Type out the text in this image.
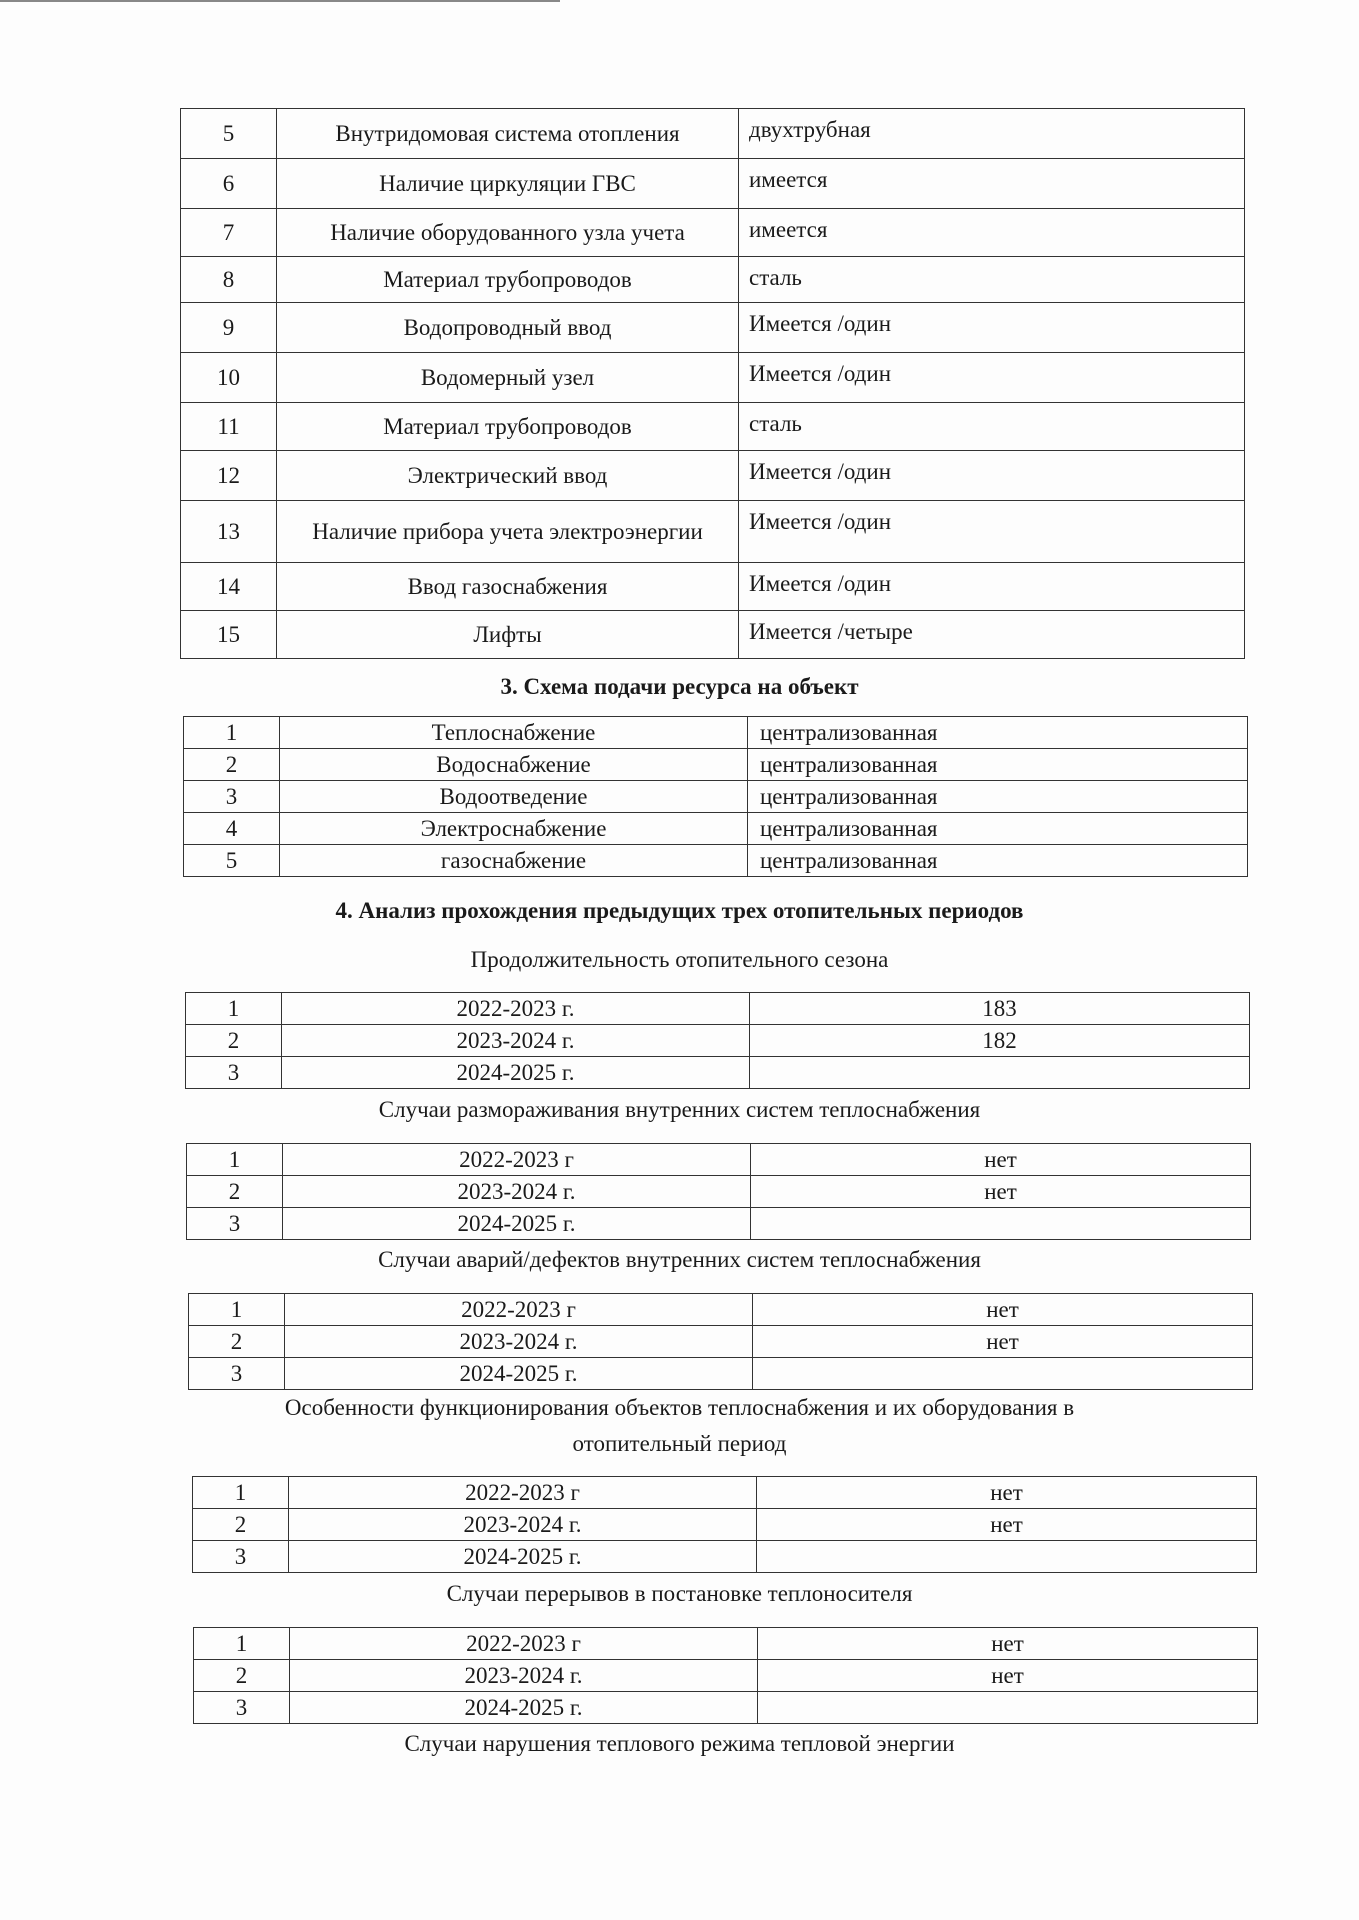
5	Внутридомовая система отопления	двухтрубная
6	Наличие циркуляции ГВС	имеется
7	Наличие оборудованного узла учета	имеется
8	Материал трубопроводов	сталь
9	Водопроводный ввод	Имеется /один
10	Водомерный узел	Имеется /один
11	Материал трубопроводов	сталь
12	Электрический ввод	Имеется /один
13	Наличие прибора учета электроэнергии	Имеется /один
14	Ввод газоснабжения	Имеется /один
15	Лифты	Имеется /четыре
3. Схема подачи ресурса на объект
1	Теплоснабжение	централизованная
2	Водоснабжение	централизованная
3	Водоотведение	централизованная
4	Электроснабжение	централизованная
5	газоснабжение	централизованная
4. Анализ прохождения предыдущих трех отопительных периодов
Продолжительность отопительного сезона
1	2022-2023 г.	183
2	2023-2024 г.	182
3	2024-2025 г.	
Случаи размораживания внутренних систем теплоснабжения
1	2022-2023 г	нет
2	2023-2024 г.	нет
3	2024-2025 г.	
Случаи аварий/дефектов внутренних систем теплоснабжения
1	2022-2023 г	нет
2	2023-2024 г.	нет
3	2024-2025 г.	
Особенности функционирования объектов теплоснабжения и их оборудования в
отопительный период
1	2022-2023 г	нет
2	2023-2024 г.	нет
3	2024-2025 г.	
Случаи перерывов в постановке теплоносителя
1	2022-2023 г	нет
2	2023-2024 г.	нет
3	2024-2025 г.	
Случаи нарушения теплового режима тепловой энергии
